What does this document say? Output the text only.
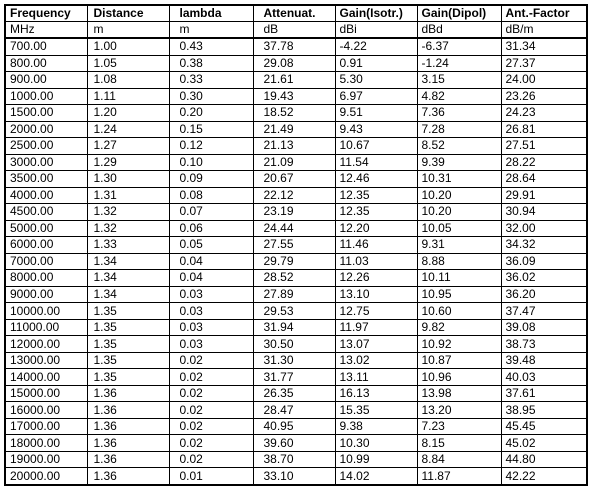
Frequency	Distance	lambda	Attenuat.	Gain(Isotr.)	Gain(Dipol)	Ant.-Factor
MHz	m	m	dB	dBi	dBd	dB/m
700.00	1.00	0.43	37.78	-4.22	-6.37	31.34
800.00	1.05	0.38	29.08	0.91	-1.24	27.37
900.00	1.08	0.33	21.61	5.30	3.15	24.00
1000.00	1.11	0.30	19.43	6.97	4.82	23.26
1500.00	1.20	0.20	18.52	9.51	7.36	24.23
2000.00	1.24	0.15	21.49	9.43	7.28	26.81
2500.00	1.27	0.12	21.13	10.67	8.52	27.51
3000.00	1.29	0.10	21.09	11.54	9.39	28.22
3500.00	1.30	0.09	20.67	12.46	10.31	28.64
4000.00	1.31	0.08	22.12	12.35	10.20	29.91
4500.00	1.32	0.07	23.19	12.35	10.20	30.94
5000.00	1.32	0.06	24.44	12.20	10.05	32.00
6000.00	1.33	0.05	27.55	11.46	9.31	34.32
7000.00	1.34	0.04	29.79	11.03	8.88	36.09
8000.00	1.34	0.04	28.52	12.26	10.11	36.02
9000.00	1.34	0.03	27.89	13.10	10.95	36.20
10000.00	1.35	0.03	29.53	12.75	10.60	37.47
11000.00	1.35	0.03	31.94	11.97	9.82	39.08
12000.00	1.35	0.03	30.50	13.07	10.92	38.73
13000.00	1.35	0.02	31.30	13.02	10.87	39.48
14000.00	1.35	0.02	31.77	13.11	10.96	40.03
15000.00	1.36	0.02	26.35	16.13	13.98	37.61
16000.00	1.36	0.02	28.47	15.35	13.20	38.95
17000.00	1.36	0.02	40.95	9.38	7.23	45.45
18000.00	1.36	0.02	39.60	10.30	8.15	45.02
19000.00	1.36	0.02	38.70	10.99	8.84	44.80
20000.00	1.36	0.01	33.10	14.02	11.87	42.22
